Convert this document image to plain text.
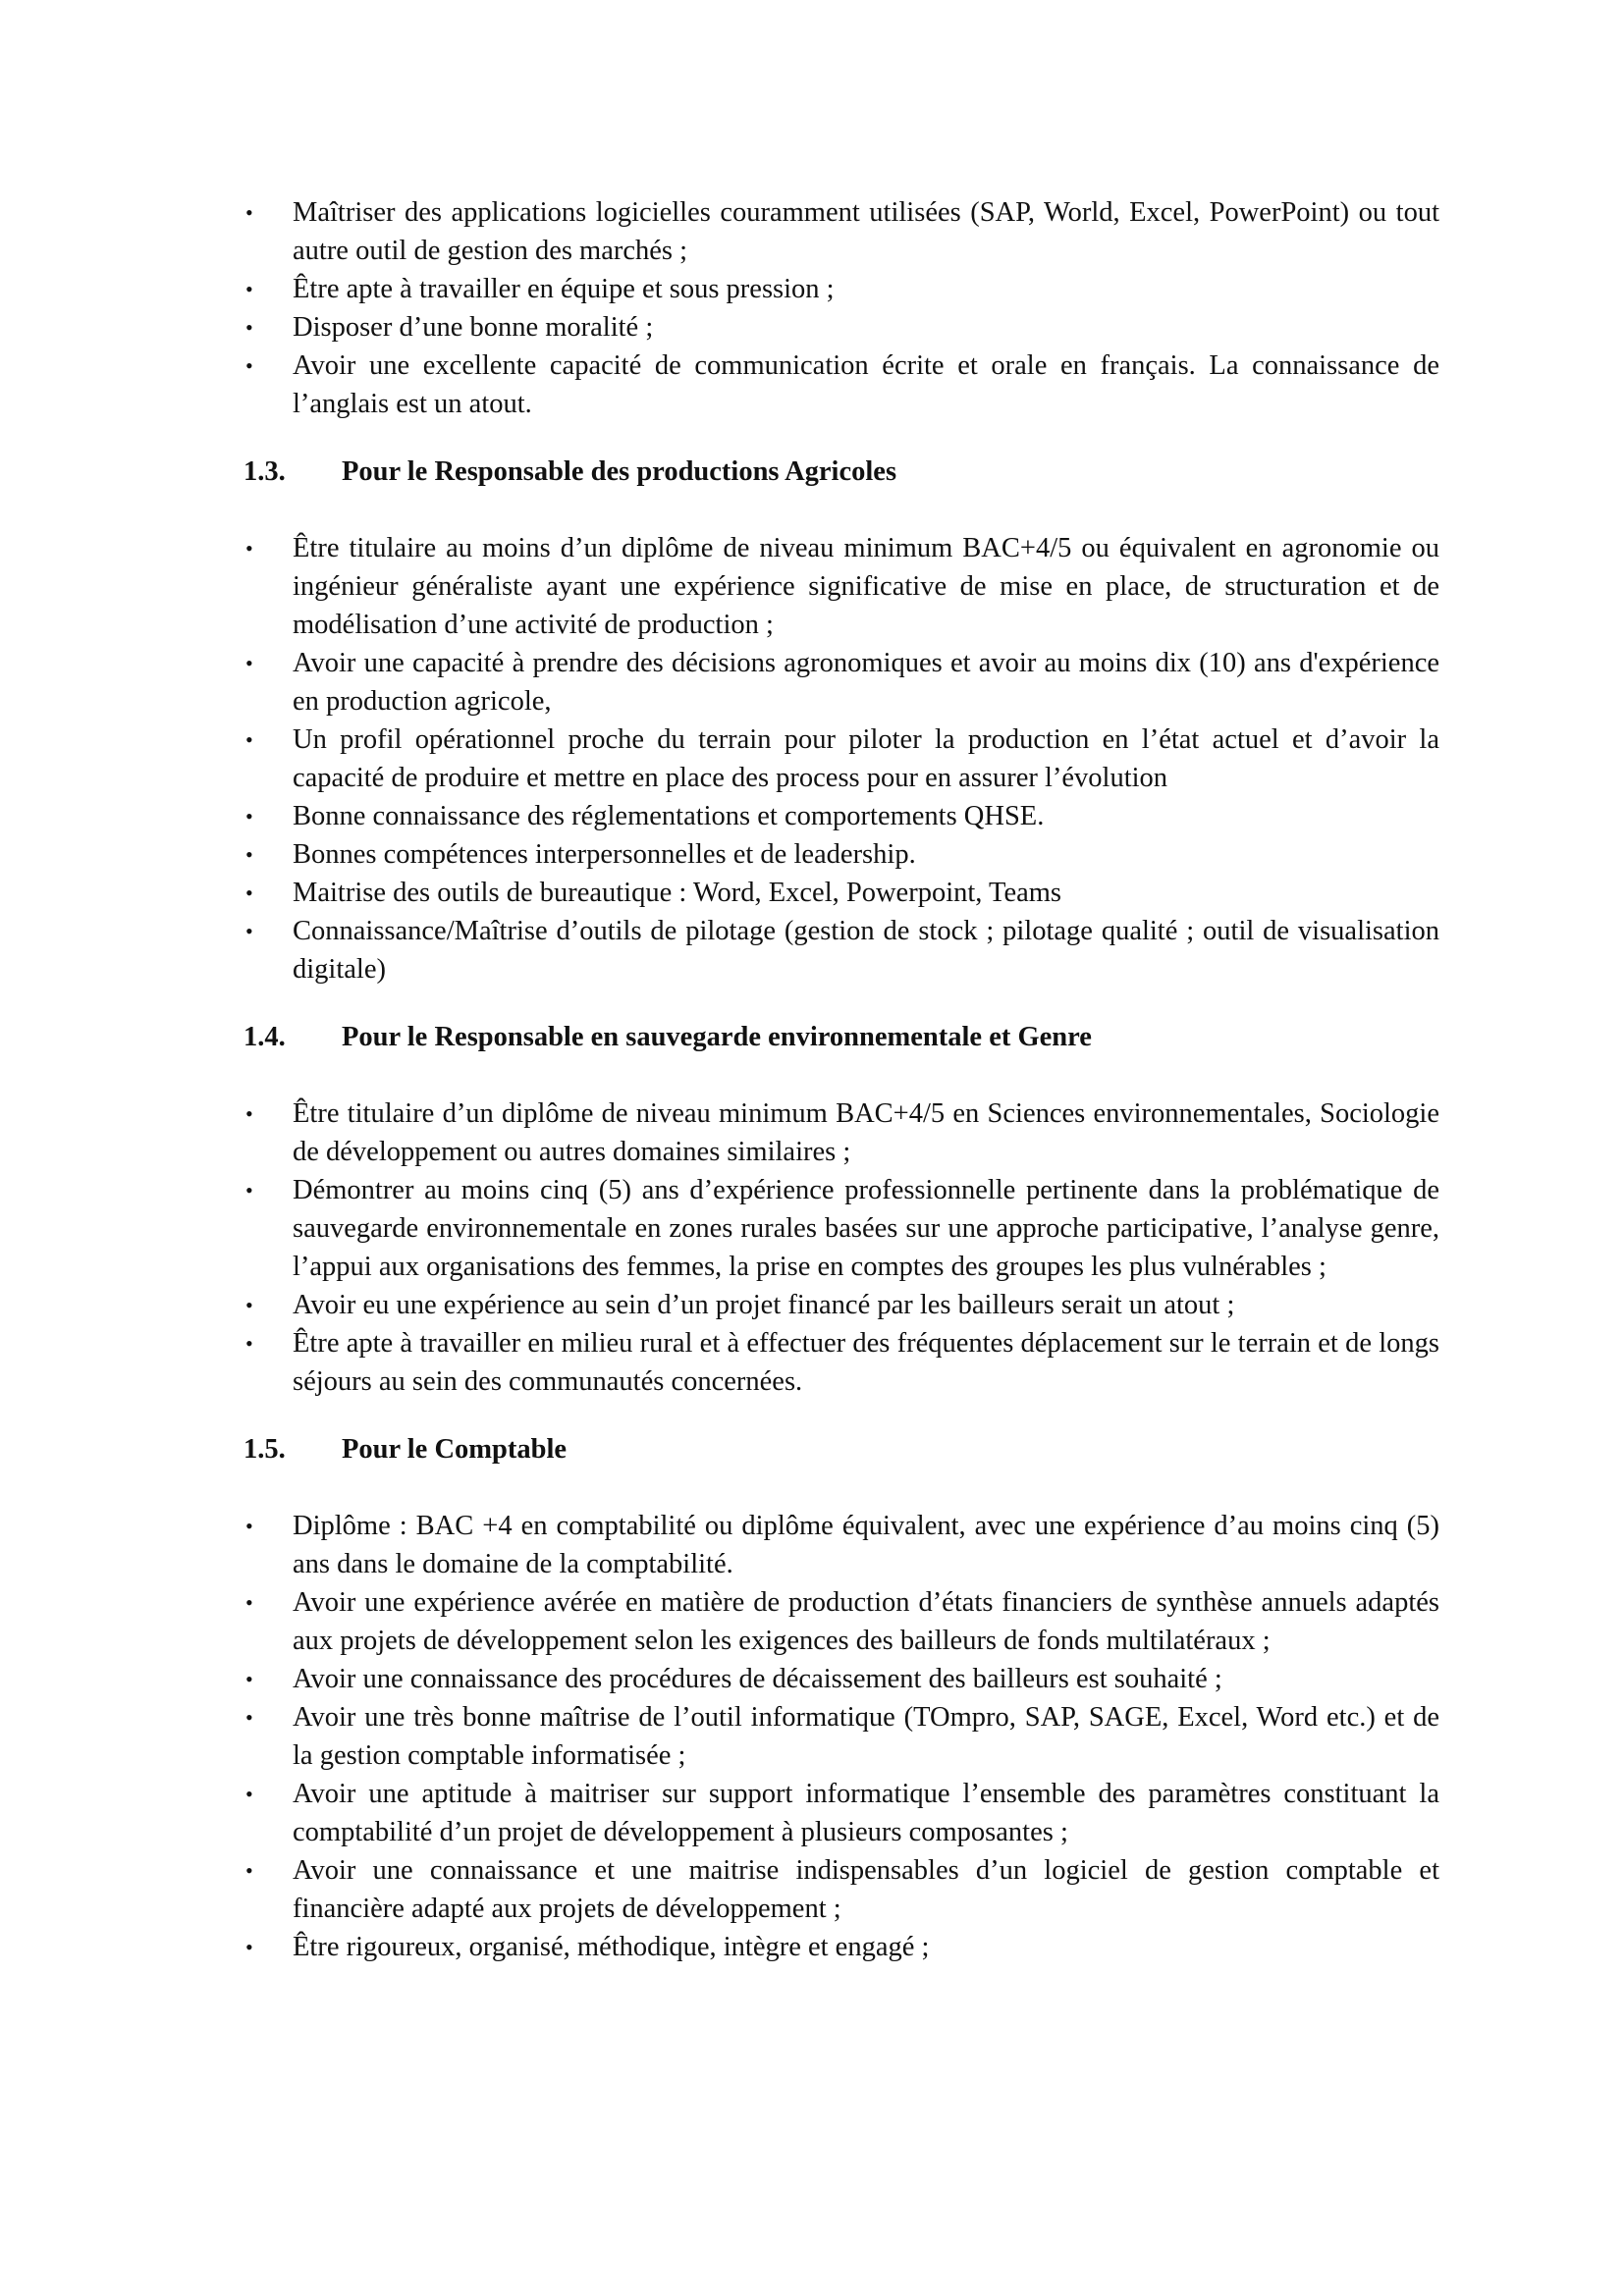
• Maîtriser des applications logicielles couramment utilisées (SAP, World, Excel, PowerPoint) ou tout autre outil de gestion des marchés ;
• Être apte à travailler en équipe et sous pression ;
• Disposer d’une bonne moralité ;
• Avoir une excellente capacité de communication écrite et orale en français. La connaissance de l’anglais est un atout.
1.3.	Pour le Responsable des productions Agricoles
• Être titulaire au moins d’un diplôme de niveau minimum BAC+4/5 ou équivalent en agronomie ou ingénieur généraliste ayant une expérience significative de mise en place, de structuration et de modélisation d’une activité de production ;
• Avoir une capacité à prendre des décisions agronomiques et avoir au moins dix (10) ans d'expérience en production agricole,
• Un profil opérationnel proche du terrain pour piloter la production en l’état actuel et d’avoir la capacité de produire et mettre en place des process pour en assurer l’évolution
• Bonne connaissance des réglementations et comportements QHSE.
• Bonnes compétences interpersonnelles et de leadership.
• Maitrise des outils de bureautique : Word, Excel, Powerpoint, Teams
• Connaissance/Maîtrise d’outils de pilotage (gestion de stock ; pilotage qualité ; outil de visualisation digitale)
1.4.	Pour le Responsable en sauvegarde environnementale et Genre
• Être titulaire d’un diplôme de niveau minimum BAC+4/5 en Sciences environnementales, Sociologie de développement ou autres domaines similaires ;
• Démontrer au moins cinq (5) ans d’expérience professionnelle pertinente dans la problématique de sauvegarde environnementale en zones rurales basées sur une approche participative, l’analyse genre, l’appui aux organisations des femmes, la prise en comptes des groupes les plus vulnérables ;
• Avoir eu une expérience au sein d’un projet financé par les bailleurs serait un atout ;
• Être apte à travailler en milieu rural et à effectuer des fréquentes déplacement sur le terrain et de longs séjours au sein des communautés concernées.
1.5.	Pour le Comptable
• Diplôme : BAC +4 en comptabilité ou diplôme équivalent, avec une expérience d’au moins cinq (5) ans dans le domaine de la comptabilité.
• Avoir une expérience avérée en matière de production d’états financiers de synthèse annuels adaptés aux projets de développement selon les exigences des bailleurs de fonds multilatéraux ;
• Avoir une connaissance des procédures de décaissement des bailleurs est souhaité ;
• Avoir une très bonne maîtrise de l’outil informatique (TOmpro, SAP, SAGE, Excel, Word etc.) et de la gestion comptable informatisée ;
• Avoir une aptitude à maitriser sur support informatique l’ensemble des paramètres constituant la comptabilité d’un projet de développement à plusieurs composantes ;
• Avoir une connaissance et une maitrise indispensables d’un logiciel de gestion comptable et financière adapté aux projets de développement ;
• Être rigoureux, organisé, méthodique, intègre et engagé ;
